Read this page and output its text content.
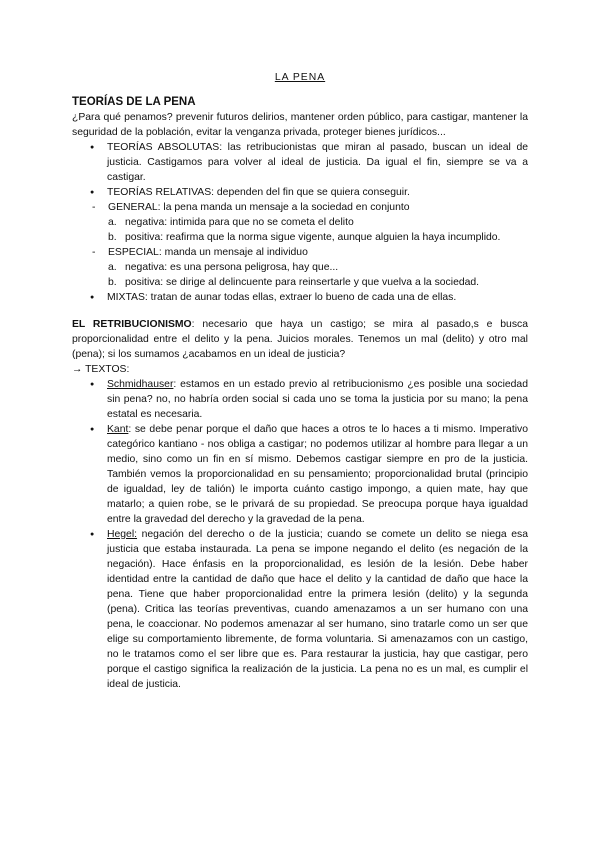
LA PENA
TEORÍAS DE LA PENA

¿Para qué penamos? prevenir futuros delirios, mantener orden público, para castigar, mantener la seguridad de la población, evitar la venganza privada, proteger bienes jurídicos...

● TEORÍAS ABSOLUTAS: las retribucionistas que miran al pasado, buscan un ideal de justicia. Castigamos para volver al ideal de justicia. Da igual el fin, siempre se va a castigar.
● TEORÍAS RELATIVAS: dependen del fin que se quiera conseguir.
- GENERAL: la pena manda un mensaje a la sociedad en conjunto
a. negativa: intimida para que no se cometa el delito
b. positiva: reafirma que la norma sigue vigente, aunque alguien la haya incumplido.
- ESPECIAL: manda un mensaje al individuo
a. negativa: es una persona peligrosa, hay que...
b. positiva: se dirige al delincuente para reinsertarle y que vuelva a la sociedad.
● MIXTAS: tratan de aunar todas ellas, extraer lo bueno de cada una de ellas.

EL RETRIBUCIONISMO: necesario que haya un castigo; se mira al pasado,s e busca proporcionalidad entre el delito y la pena. Juicios morales. Tenemos un mal (delito) y otro mal (pena); si los sumamos ¿acabamos en un ideal de justicia?

→ TEXTOS:
● Schmidhauser: estamos en un estado previo al retribucionismo ¿es posible una sociedad sin pena? no, no habría orden social si cada uno se toma la justicia por su mano; la pena estatal es necesaria.
● Kant: se debe penar porque el daño que haces a otros te lo haces a ti mismo. Imperativo categórico kantiano - nos obliga a castigar; no podemos utilizar al hombre para llegar a un medio, sino como un fin en sí mismo. Debemos castigar siempre en pro de la justicia. También vemos la proporcionalidad en su pensamiento; proporcionalidad brutal (principio de igualdad, ley de talión) le importa cuánto castigo impongo, a quien mate, hay que matarlo; a quien robe, se le privará de su propiedad. Se preocupa porque haya igualdad entre la gravedad del derecho y la gravedad de la pena.
● Hegel: negación del derecho o de la justicia; cuando se comete un delito se niega esa justicia que estaba instaurada. La pena se impone negando el delito (es negación de la negación). Hace énfasis en la proporcionalidad, es lesión de la lesión. Debe haber identidad entre la cantidad de daño que hace el delito y la cantidad de daño que hace la pena. Tiene que haber proporcionalidad entre la primera lesión (delito) y la segunda (pena). Critica las teorías preventivas, cuando amenazamos a un ser humano con una pena, le coaccionar. No podemos amenazar al ser humano, sino tratarle como un ser que elige su comportamiento libremente, de forma voluntaria. Si amenazamos con un castigo, no le tratamos como el ser libre que es. Para restaurar la justicia, hay que castigar, pero porque el castigo significa la realización de la justicia. La pena no es un mal, es cumplir el ideal de justicia.
